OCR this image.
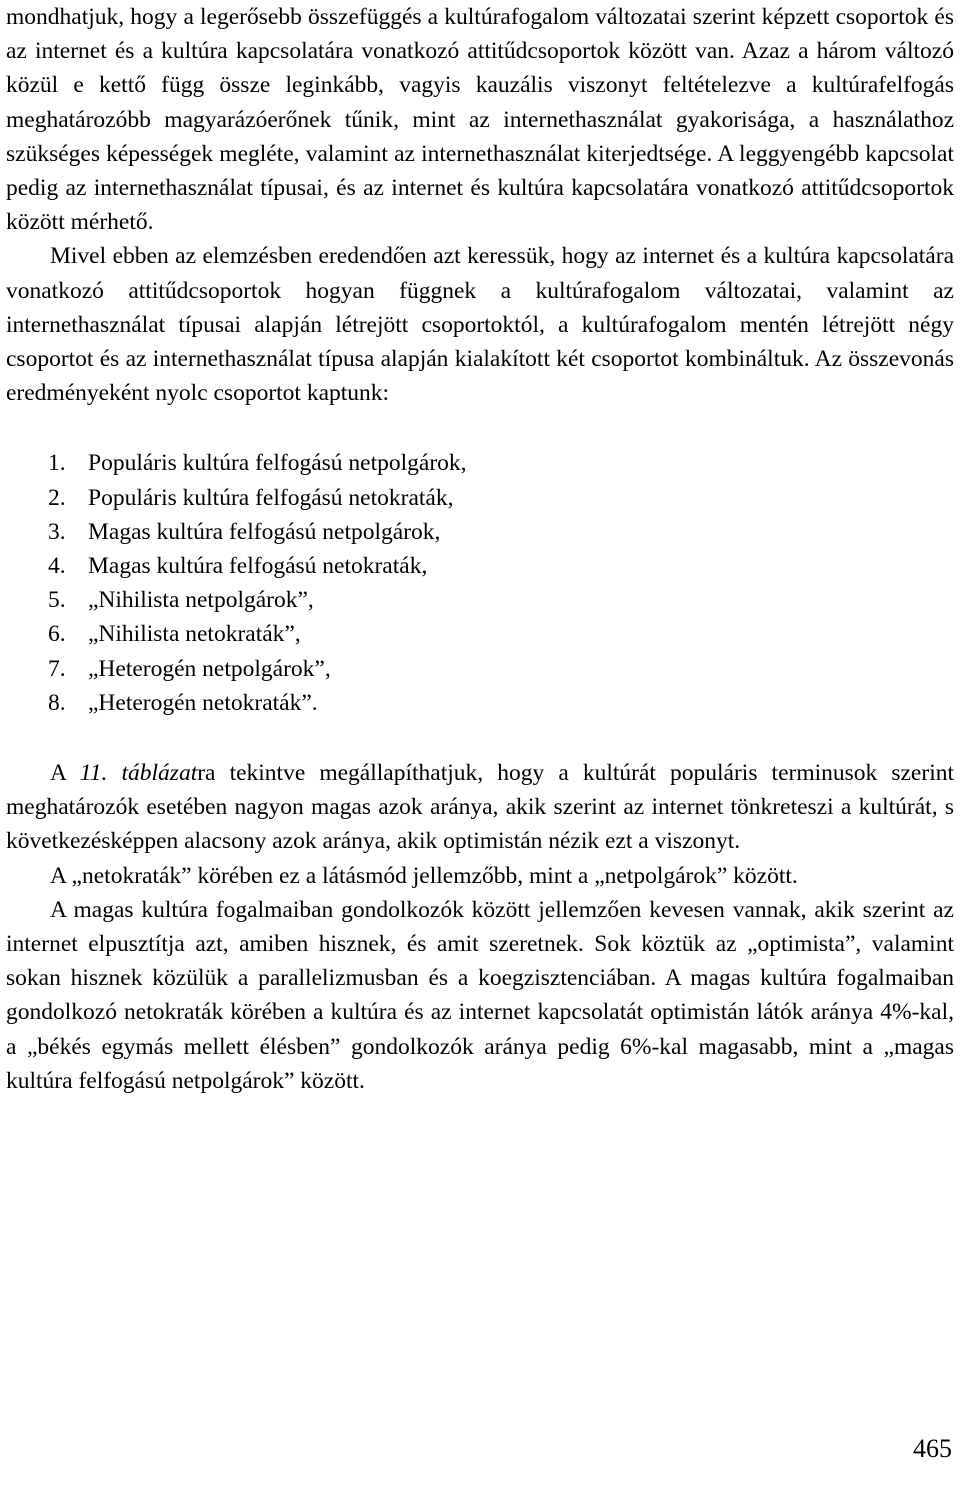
mondhatjuk, hogy a legerősebb összefüggés a kultúrafogalom változatai szerint képzett csoportok és az internet és a kultúra kapcsolatára vonatkozó attitűdcsoportok között van. Azaz a három változó közül e kettő függ össze leginkább, vagyis kauzális viszonyt feltételezve a kultúrafelfogás meghatározóbb magyarázóerőnek tűnik, mint az internethasználat gyakorisága, a használathoz szükséges képességek megléte, valamint az internethasználat kiterjedtsége. A leggyengébb kapcsolat pedig az internethasználat típusai, és az internet és kultúra kapcsolatára vonatkozó attitűdcsoportok között mérhető.

Mivel ebben az elemzésben eredendően azt keressük, hogy az internet és a kultúra kapcsolatára vonatkozó attitűdcsoportok hogyan függnek a kultúrafogalom változatai, valamint az internethasználat típusai alapján létrejött csoportoktól, a kultúrafogalom mentén létrejött négy csoportot és az internethasználat típusa alapján kialakított két csoportot kombináltuk. Az összevonás eredményeként nyolc csoportot kaptunk:

1. Populáris kultúra felfogású netpolgárok,
2. Populáris kultúra felfogású netokraták,
3. Magas kultúra felfogású netpolgárok,
4. Magas kultúra felfogású netokraták,
5. „Nihilista netpolgárok”,
6. „Nihilista netokraták”,
7. „Heterogén netpolgárok”,
8. „Heterogén netokraták”.

A 11. táblázatra tekintve megállapíthatjuk, hogy a kultúrát populáris terminusok szerint meghatározók esetében nagyon magas azok aránya, akik szerint az internet tönkreteszi a kultúrát, s következésképpen alacsony azok aránya, akik optimistán nézik ezt a viszonyt.

A „netokraták” körében ez a látásmód jellemzőbb, mint a „netpolgárok” között.

A magas kultúra fogalmaiban gondolkozók között jellemzően kevesen vannak, akik szerint az internet elpusztítja azt, amiben hisznek, és amit szeretnek. Sok köztük az „optimista”, valamint sokan hisznek közülük a parallelizmusban és a koegzisztenciában. A magas kultúra fogalmaiban gondolkozó netokraták körében a kultúra és az internet kapcsolatát optimistán látók aránya 4%-kal, a „békés egymás mellett élésben” gondolkozók aránya pedig 6%-kal magasabb, mint a „magas kultúra felfogású netpolgárok” között.

465
